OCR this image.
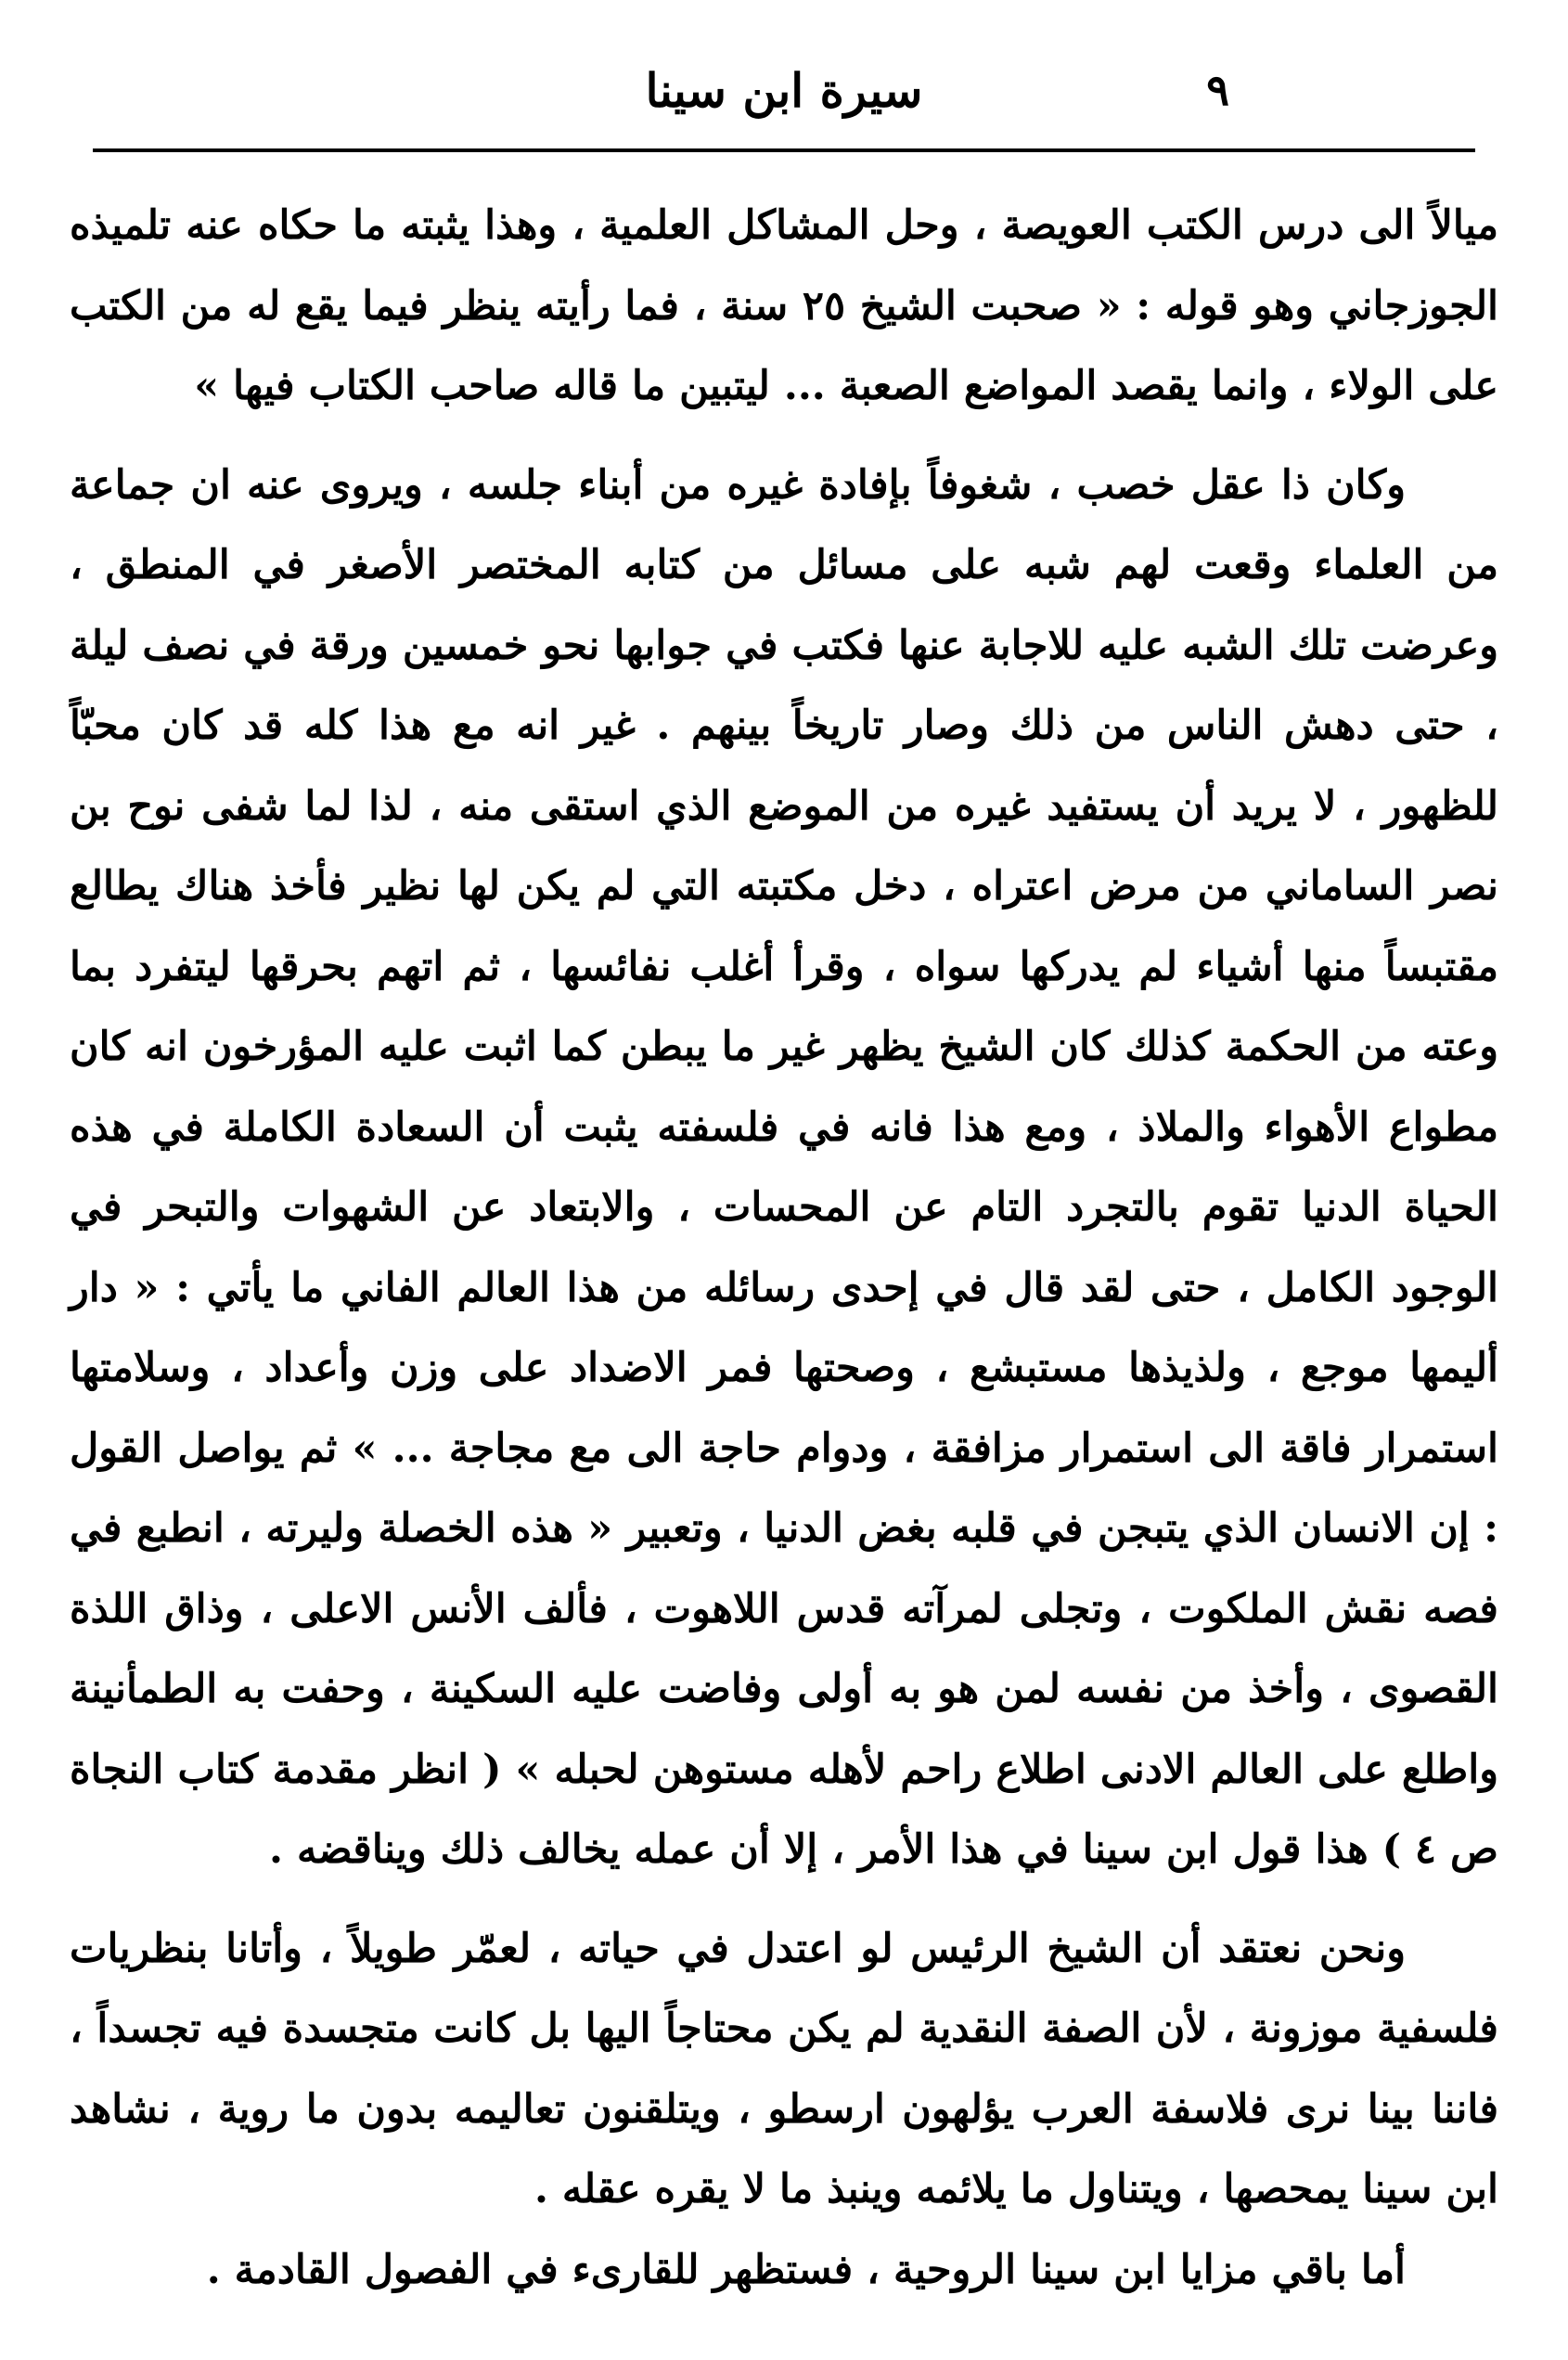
٩
سيرة ابن سينا

ميالاً الى درس الكتب العويصة ، وحل المشاكل العلمية ، وهذا يثبته ما حكاه عنه تلميذه الجوزجاني وهو قوله : « صحبت الشيخ ٢٥ سنة ، فما رأيته ينظر فيما يقع له من الكتب على الولاء ، وانما يقصد المواضع الصعبة ... ليتبين ما قاله صاحب الكتاب فيها »

وكان ذا عقل خصب ، شغوفاً بإفادة غيره من أبناء جلسه ، ويروى عنه ان جماعة من العلماء وقعت لهم شبه على مسائل من كتابه المختصر الأصغر في المنطق ، وعرضت تلك الشبه عليه للاجابة عنها فكتب في جوابها نحو خمسين ورقة في نصف ليلة ، حتى دهش الناس من ذلك وصار تاريخاً بينهم . غير انه مع هذا كله قد كان محبّاً للظهور ، لا يريد أن يستفيد غيره من الموضع الذي استقى منه ، لذا لما شفى نوح بن نصر الساماني من مرض اعتراه ، دخل مكتبته التي لم يكن لها نظير فأخذ هناك يطالع مقتبساً منها أشياء لم يدركها سواه ، وقرأ أغلب نفائسها ، ثم اتهم بحرقها ليتفرد بما وعته من الحكمة كذلك كان الشيخ يظهر غير ما يبطن كما اثبت عليه المؤرخون انه كان مطواع الأهواء والملاذ ، ومع هذا فانه في فلسفته يثبت أن السعادة الكاملة في هذه الحياة الدنيا تقوم بالتجرد التام عن المحسات ، والابتعاد عن الشهوات والتبحر في الوجود الكامل ، حتى لقد قال في إحدى رسائله من هذا العالم الفاني ما يأتي : « دار أليمها موجع ، ولذيذها مستبشع ، وصحتها فمر الاضداد على وزن وأعداد ، وسلامتها استمرار فاقة الى استمرار مزافقة ، ودوام حاجة الى مع مجاجة ... » ثم يواصل القول : إن الانسان الذي يتبجن في قلبه بغض الدنيا ، وتعبير « هذه الخصلة وليرته ، انطبع في فصه نقش الملكوت ، وتجلى لمرآته قدس اللاهوت ، فألف الأنس الاعلى ، وذاق اللذة القصوى ، وأخذ من نفسه لمن هو به أولى وفاضت عليه السكينة ، وحفت به الطمأنينة واطلع على العالم الادنى اطلاع راحم لأهله مستوهن لحبله » ( انظر مقدمة كتاب النجاة ص ٤ ) هذا قول ابن سينا في هذا الأمر ، إلا أن عمله يخالف ذلك ويناقضه .

ونحن نعتقد أن الشيخ الرئيس لو اعتدل في حياته ، لعمّر طويلاً ، وأتانا بنظريات فلسفية موزونة ، لأن الصفة النقدية لم يكن محتاجاً اليها بل كانت متجسدة فيه تجسداً ، فاننا بينا نرى فلاسفة العرب يؤلهون ارسطو ، ويتلقنون تعاليمه بدون ما روية ، نشاهد ابن سينا يمحصها ، ويتناول ما يلائمه وينبذ ما لا يقره عقله .

أما باقي مزايا ابن سينا الروحية ، فستظهر للقارىء في الفصول القادمة .
